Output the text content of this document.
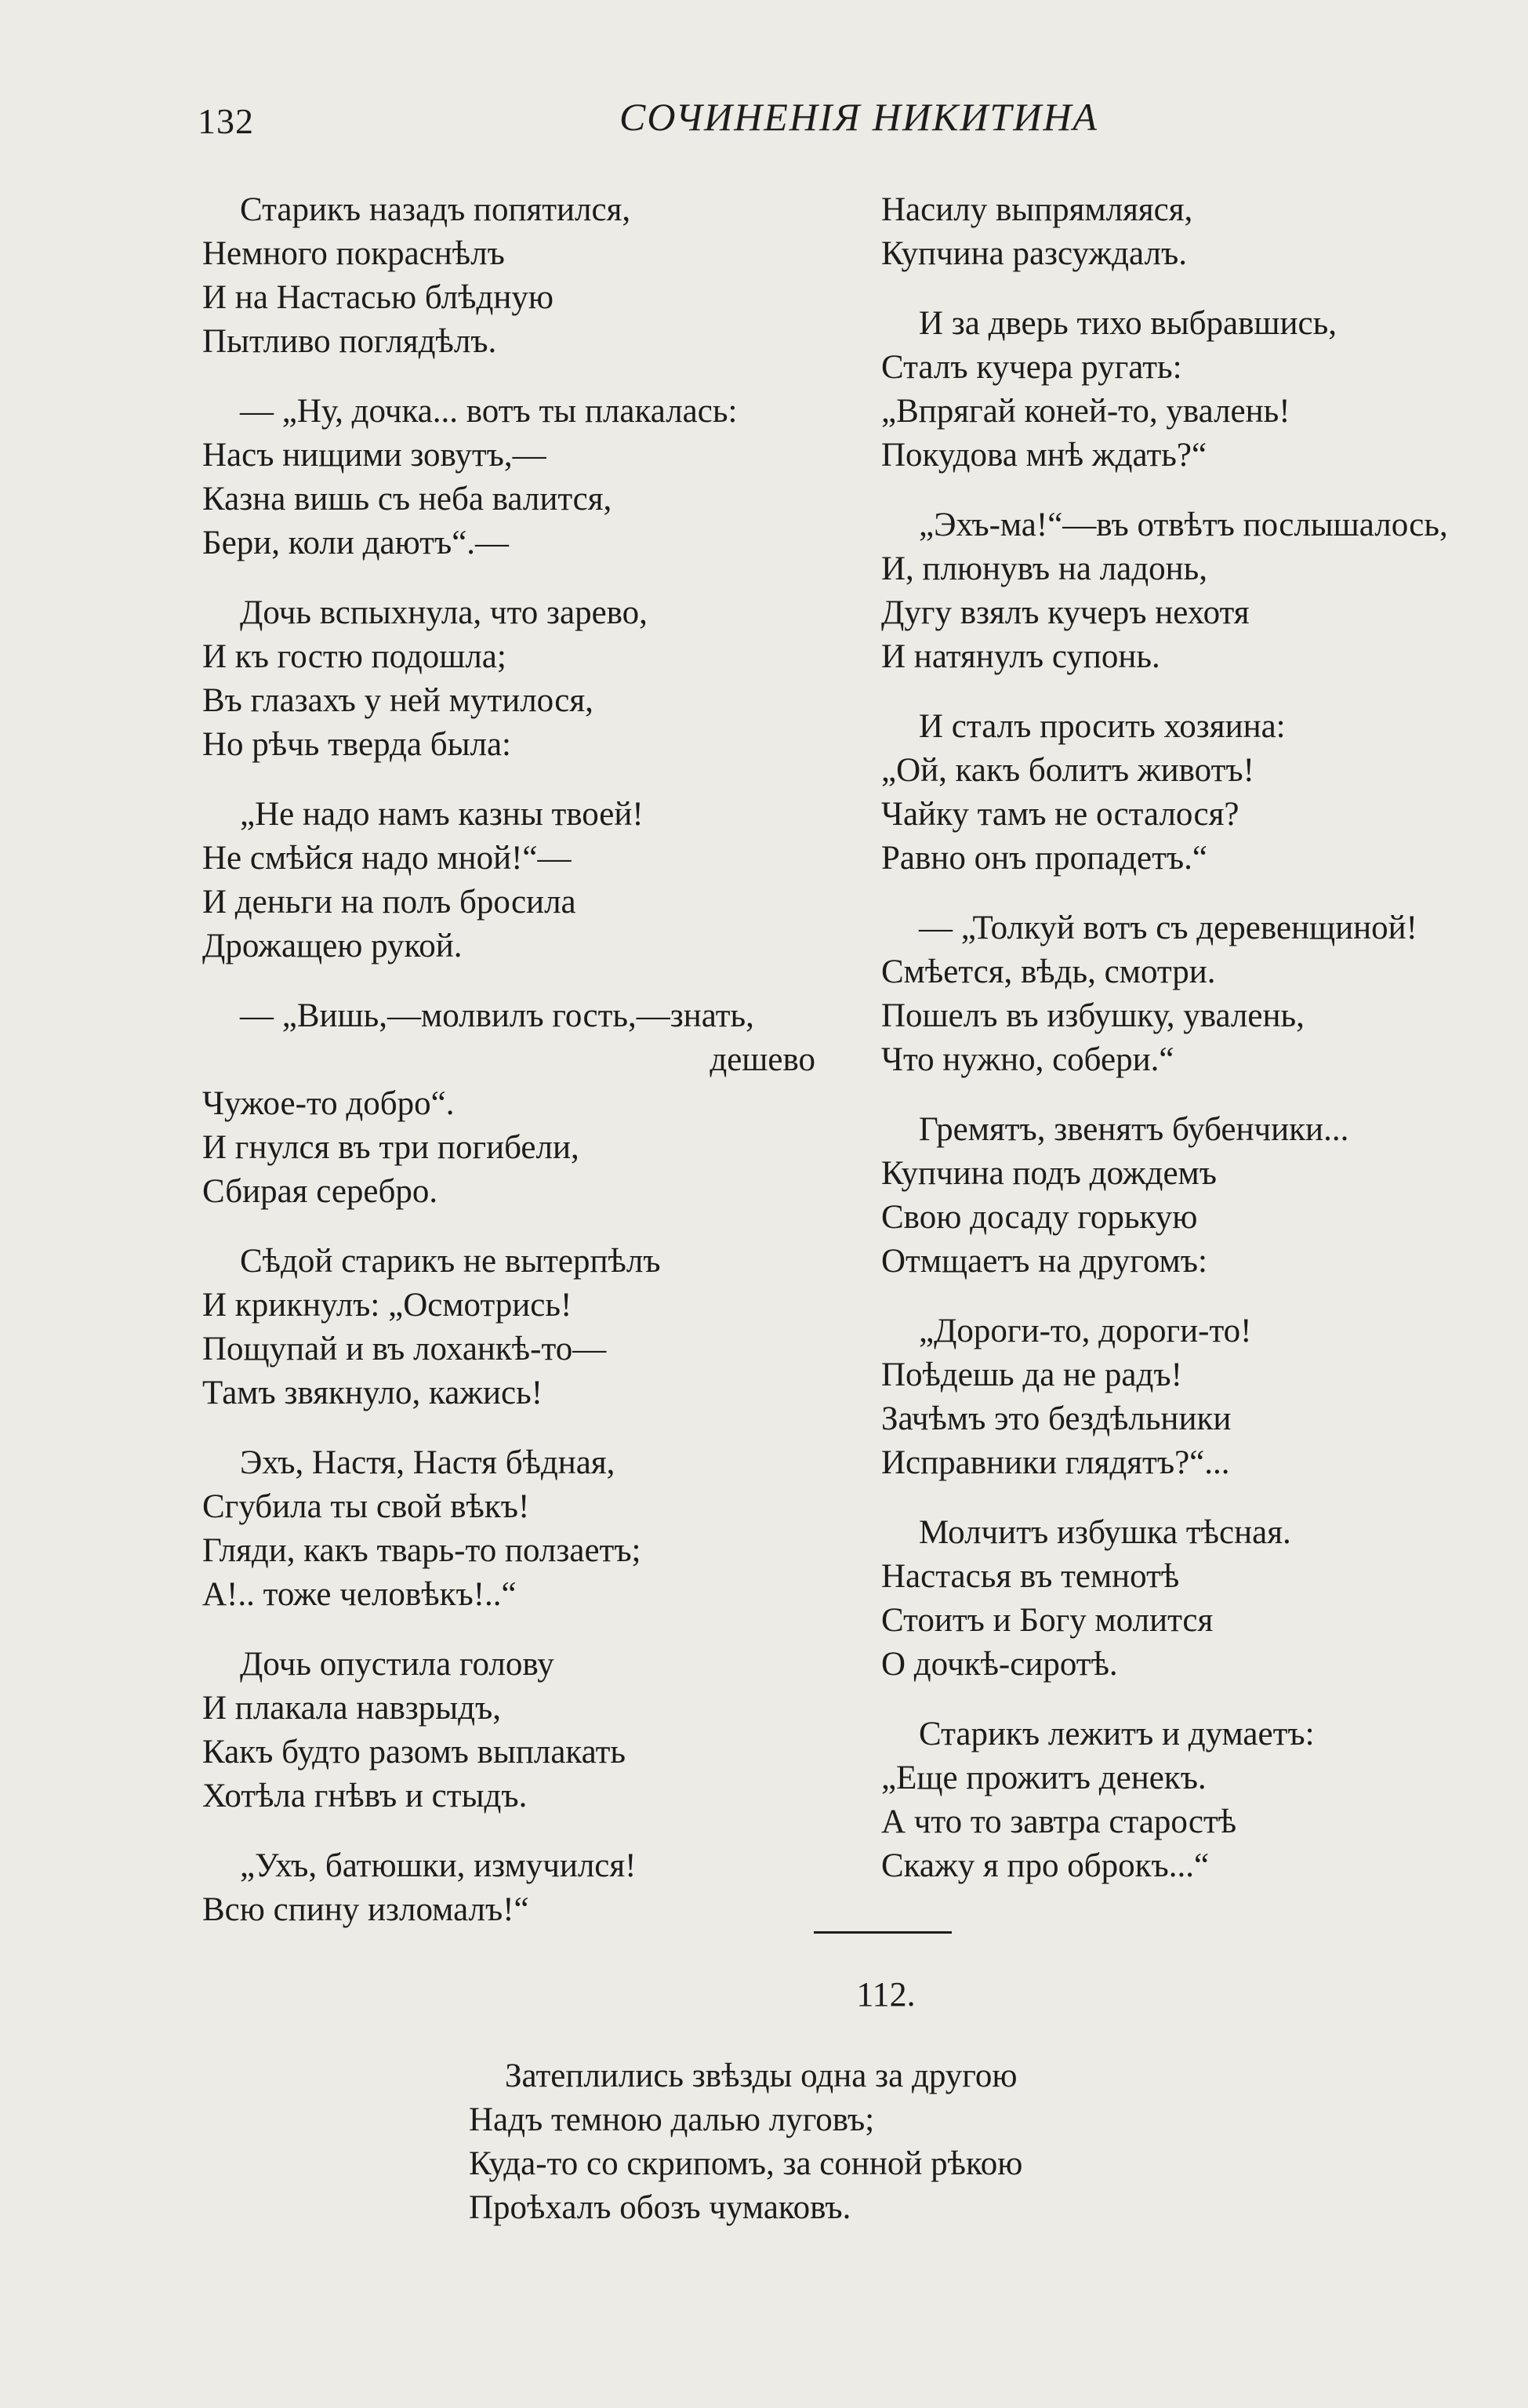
132	СОЧИНЕНІЯ НИКИТИНА
Старикъ назадъ попятился,
Немного покраснѣлъ
И на Настасью блѣдную
Пытливо поглядѣлъ.
— „Ну, дочка... вотъ ты плакалась:
Насъ нищими зовутъ,—
Казна вишь съ неба валится,
Бери, коли даютъ“.—
Дочь вспыхнула, что зарево,
И къ гостю подошла;
Въ глазахъ у ней мутилося,
Но рѣчь тверда была:
„Не надо намъ казны твоей!
Не смѣйся надо мной!“—
И деньги на полъ бросила
Дрожащею рукой.
— „Вишь,—молвилъ гость,—знать,
дешево
Чужое-то добро“.
И гнулся въ три погибели,
Сбирая серебро.
Сѣдой старикъ не вытерпѣлъ
И крикнулъ: „Осмотрись!
Пощупай и въ лоханкѣ-то—
Тамъ звякнуло, кажись!
Эхъ, Настя, Настя бѣдная,
Сгубила ты свой вѣкъ!
Гляди, какъ тварь-то ползаетъ;
А!.. тоже человѣкъ!..“
Дочь опустила голову
И плакала навзрыдъ,
Какъ будто разомъ выплакать
Хотѣла гнѣвъ и стыдъ.
„Ухъ, батюшки, измучился!
Всю спину изломалъ!“
Насилу выпрямляяся,
Купчина разсуждалъ.
И за дверь тихо выбравшись,
Сталъ кучера ругать:
„Впрягай коней-то, увалень!
Покудова мнѣ ждать?“
„Эхъ-ма!“—въ отвѣтъ послышалось,
И, плюнувъ на ладонь,
Дугу взялъ кучеръ нехотя
И натянулъ супонь.
И сталъ просить хозяина:
„Ой, какъ болитъ животъ!
Чайку тамъ не осталося?
Равно онъ пропадетъ.“
— „Толкуй вотъ съ деревенщиной!
Смѣется, вѣдь, смотри.
Пошелъ въ избушку, увалень,
Что нужно, собери.“
Гремятъ, звенятъ бубенчики...
Купчина подъ дождемъ
Свою досаду горькую
Отмщаетъ на другомъ:
„Дороги-то, дороги-то!
Поѣдешь да не радъ!
Зачѣмъ это бездѣльники
Исправники глядятъ?“...
Молчитъ избушка тѣсная.
Настасья въ темнотѣ
Стоитъ и Богу молится
О дочкѣ-сиротѣ.
Старикъ лежитъ и думаетъ:
„Еще прожитъ денекъ.
А что то завтра старостѣ
Скажу я про оброкъ...“
112.
Затеплились звѣзды одна за другою
Надъ темною далью луговъ;
Куда-то со скрипомъ, за сонной рѣкою
Проѣхалъ обозъ чумаковъ.
